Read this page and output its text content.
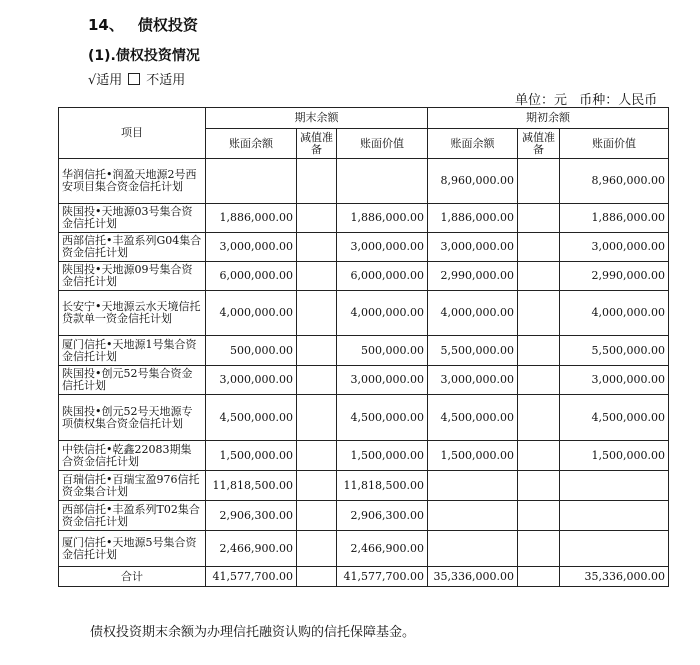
14、 债权投资
(1).债权投资情况
√适用 不适用
单位：元 币种：人民币
项目	期末余额			期初余额		
	账面余额	减值准备	账面价值	账面余额	减值准备	账面价值
华润信托•润盈天地源2号西安项目集合资金信托计划				8,960,000.00		8,960,000.00
陕国投•天地源03号集合资金信托计划	1,886,000.00		1,886,000.00	1,886,000.00		1,886,000.00
西部信托•丰盈系列G04集合资金信托计划	3,000,000.00		3,000,000.00	3,000,000.00		3,000,000.00
陕国投•天地源09号集合资金信托计划	6,000,000.00		6,000,000.00	2,990,000.00		2,990,000.00
长安宁•天地源云水天境信托贷款单一资金信托计划	4,000,000.00		4,000,000.00	4,000,000.00		4,000,000.00
厦门信托•天地源1号集合资金信托计划	500,000.00		500,000.00	5,500,000.00		5,500,000.00
陕国投•创元52号集合资金信托计划	3,000,000.00		3,000,000.00	3,000,000.00		3,000,000.00
陕国投•创元52号天地源专项债权集合资金信托计划	4,500,000.00		4,500,000.00	4,500,000.00		4,500,000.00
中铁信托•乾鑫22083期集合资金信托计划	1,500,000.00		1,500,000.00	1,500,000.00		1,500,000.00
百瑞信托•百瑞宝盈976信托资金集合计划	11,818,500.00		11,818,500.00			
西部信托•丰盈系列T02集合资金信托计划	2,906,300.00		2,906,300.00			
厦门信托•天地源5号集合资金信托计划	2,466,900.00		2,466,900.00			
合计	41,577,700.00		41,577,700.00	35,336,000.00		35,336,000.00
债权投资期末余额为办理信托融资认购的信托保障基金。
